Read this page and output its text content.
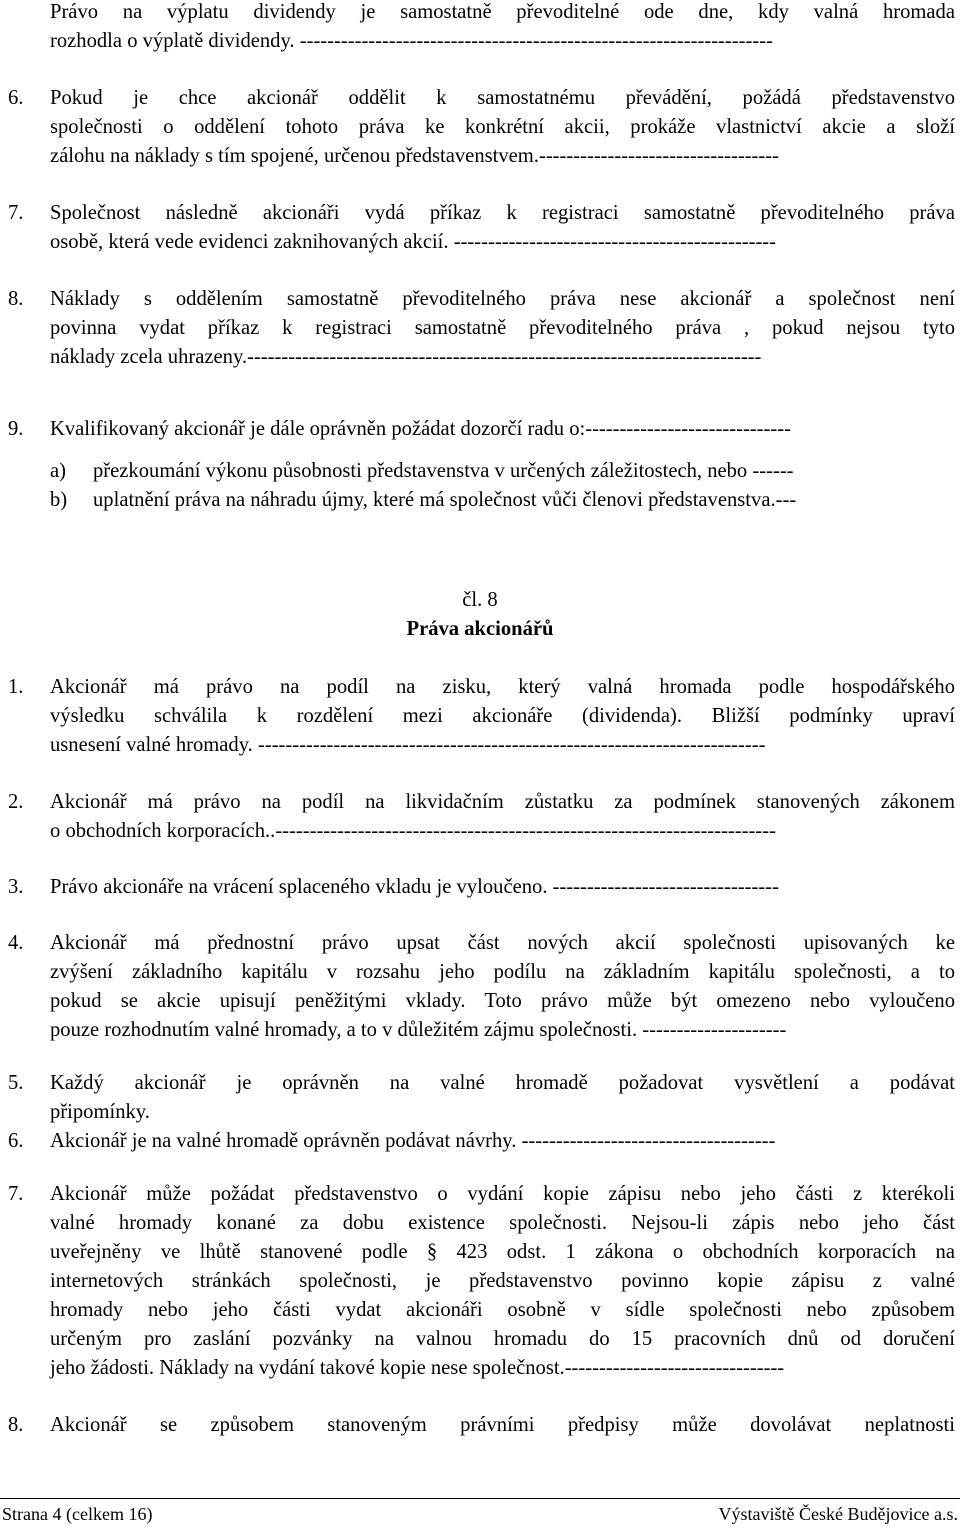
Právo na výplatu dividendy je samostatně převoditelné ode dne, kdy valná hromada
rozhodla o výplatě dividendy. ---------------------------------------------------------------------
6. Pokud je chce akcionář oddělit k samostatnému převádění, požádá představenstvo
společnosti o oddělení tohoto práva ke konkrétní akcii, prokáže vlastnictví akcie a složí
zálohu na náklady s tím spojené, určenou představenstvem.-----------------------------------
7. Společnost následně akcionáři vydá příkaz k registraci samostatně převoditelného práva
osobě, která vede evidenci zaknihovaných akcií. -----------------------------------------------
8. Náklady s oddělením samostatně převoditelného práva nese akcionář a společnost není
povinna vydat příkaz k registraci samostatně převoditelného práva , pokud nejsou tyto
náklady zcela uhrazeny.---------------------------------------------------------------------------
9. Kvalifikovaný akcionář je dále oprávněn požádat dozorčí radu o:------------------------------
a) přezkoumání výkonu působnosti představenstva v určených záležitostech, nebo ------
b) uplatnění práva na náhradu újmy, které má společnost vůči členovi představenstva.---
čl. 8
Práva akcionářů
1. Akcionář má právo na podíl na zisku, který valná hromada podle hospodářského
výsledku schválila k rozdělení mezi akcionáře (dividenda). Bližší podmínky upraví
usnesení valné hromady. --------------------------------------------------------------------------
2. Akcionář má právo na podíl na likvidačním zůstatku za podmínek stanovených zákonem
o obchodních korporacích..-------------------------------------------------------------------------
3. Právo akcionáře na vrácení splaceného vkladu je vyloučeno. ---------------------------------
4. Akcionář má přednostní právo upsat část nových akcií společnosti upisovaných ke
zvýšení základního kapitálu v rozsahu jeho podílu na základním kapitálu společnosti, a to
pokud se akcie upisují peněžitými vklady. Toto právo může být omezeno nebo vyloučeno
pouze rozhodnutím valné hromady, a to v důležitém zájmu společnosti. ---------------------
5. Každý akcionář je oprávněn na valné hromadě požadovat vysvětlení a podávat
připomínky.
6. Akcionář je na valné hromadě oprávněn podávat návrhy. -------------------------------------
7. Akcionář může požádat představenstvo o vydání kopie zápisu nebo jeho části z kterékoli
valné hromady konané za dobu existence společnosti. Nejsou-li zápis nebo jeho část
uveřejněny ve lhůtě stanovené podle § 423 odst. 1 zákona o obchodních korporacích na
internetových stránkách společnosti, je představenstvo povinno kopie zápisu z valné
hromady nebo jeho části vydat akcionáři osobně v sídle společnosti nebo způsobem
určeným pro zaslání pozvánky na valnou hromadu do 15 pracovních dnů od doručení
jeho žádosti. Náklady na vydání takové kopie nese společnost.--------------------------------
8. Akcionář se způsobem stanoveným právními předpisy může dovolávat neplatnosti
Strana 4 (celkem 16)	Výstaviště České Budějovice a.s.
